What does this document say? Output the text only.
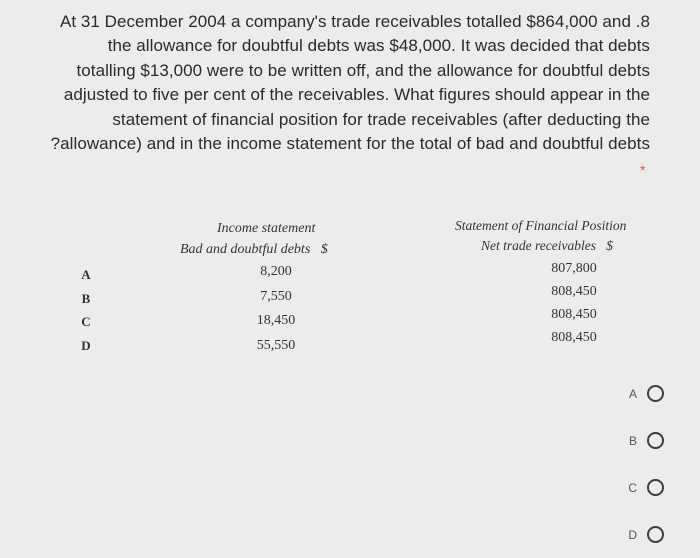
At 31 December 2004 a company's trade receivables totalled $864,000 and .8
the allowance for doubtful debts was $48,000. It was decided that debts
totalling $13,000 were to be written off, and the allowance for doubtful debts
adjusted to five per cent of the receivables. What figures should appear in the
statement of financial position for trade receivables (after deducting the
?allowance) and in the income statement for the total of bad and doubtful debts
*
A
B
C
D
Income statement
Bad and doubtful debts   $
8,200
7,550
18,450
55,550
Statement of Financial Position
Net trade receivables   $
807,800
808,450
808,450
808,450
A
B
C
D
